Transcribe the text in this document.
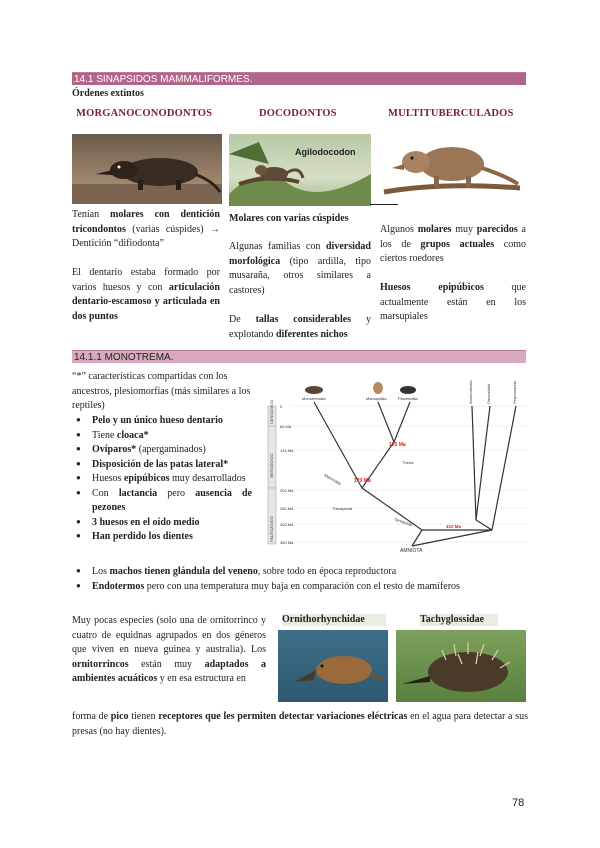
14.1 SINAPSIDOS MAMMALIFORMES.
Órdenes extintos
MORGANOCONODONTOS	DOCODONTOS	MULTITUBERCULADOS
Agilodocodon
Tenían molares con dentición tricondontos (varias cúspides) → Dentición “difiodonta”
El dentario estaba formado por varios huesos y con articulación dentario-escamoso y articulada en dos puntos
Molares con varias cúspides
Algunas familias con diversidad morfológica (tipo ardilla, tipo musaraña, otros similares a castores)
De tallas considerables y explotando diferentes nichos
Algunos molares muy parecidos a los de grupos actuales como ciertos roedores
Huesos epipúbicos que actualmente están en los marsupiales
14.1.1 MONOTREMA.
“*” características compartidas con los ancestros, plesiomorfías (más similares a los reptiles)
● Pelo y un único hueso dentario
● Tiene cloaca*
● Ovíparos* (apergaminados)
● Disposición de las patas lateral*
● Huesos epipúbicos muy desarrollados
● Con lactancia pero ausencia de pezones
● 3 huesos en el oído medio
● Han perdido los dientes
CENOZOICO
MESOZOICO
PALEOZOICO
0
65 Ma
145 Ma
200 Ma
250 Ma
300 Ma
360 Ma
Monotremata	Marsupialia	Placentalia	Anomodontia	Dinocefalia	Pelycosauria
125 Ma
170 Ma
310 Ma
Theria
Mammalia
Therapsida
Synapsida
AMNIOTA
● Los machos tienen glándula del veneno, sobre todo en época reproductora
● Endotermos pero con una temperatura muy baja en comparación con el resto de mamíferos
Muy pocas especies (solo una de ornitorrinco y cuatro de equidnas agrupados en dos géneros que viven en nueva guinea y australia). Los ornitorrincos están muy adaptados a ambientes acuáticos y en esa estructura en
Ornithorhynchidae	Tachyglossidae
forma de pico tienen receptores que les permiten detectar variaciones eléctricas en el agua para detectar a sus presas (no hay dientes).
78
